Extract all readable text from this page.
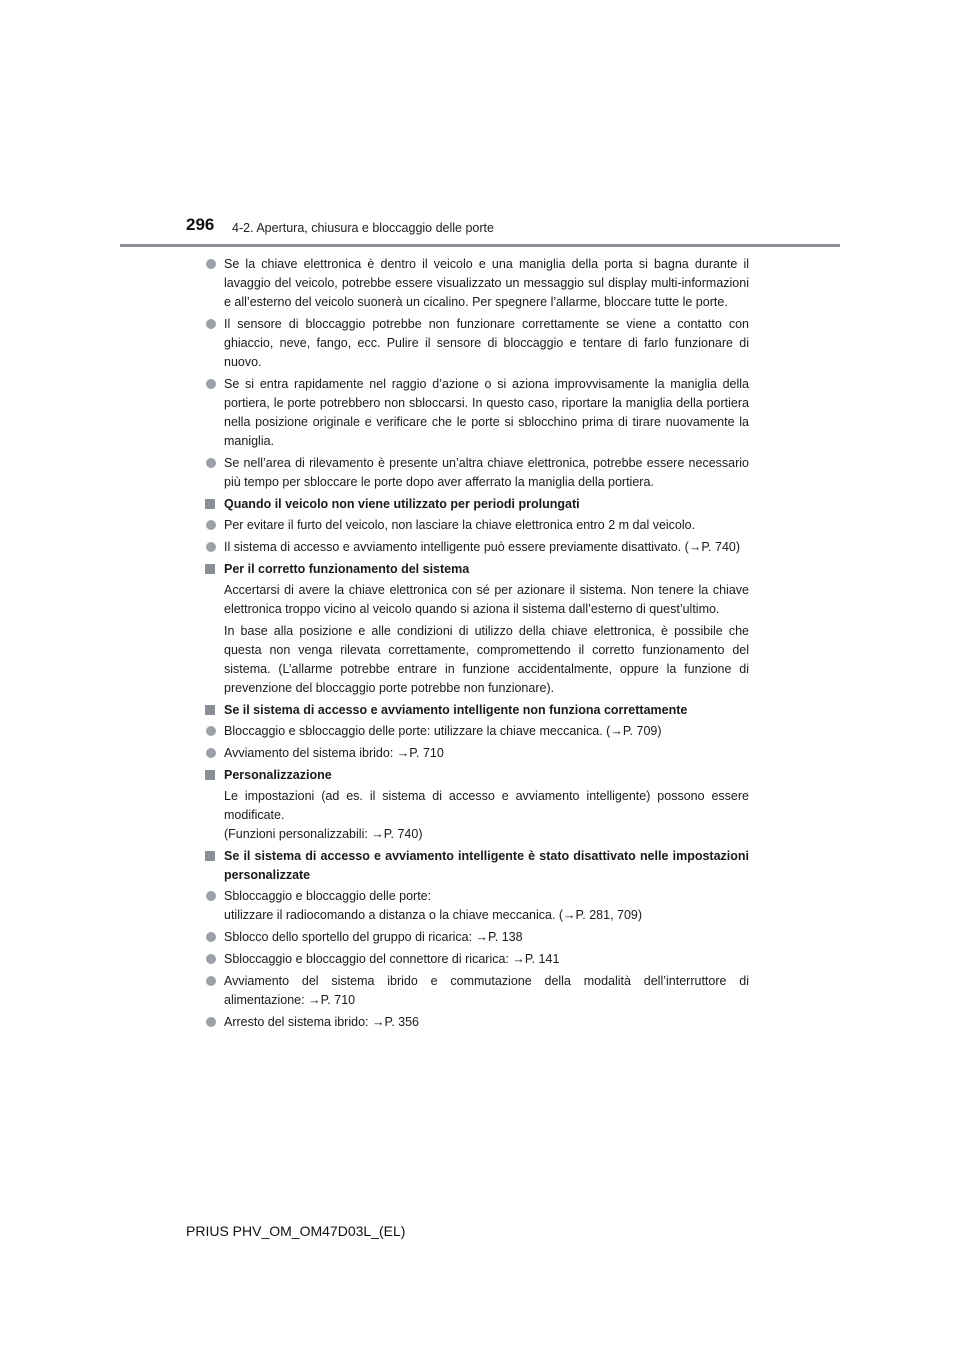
296 4-2. Apertura, chiusura e bloccaggio delle porte
Se la chiave elettronica è dentro il veicolo e una maniglia della porta si bagna durante il lavaggio del veicolo, potrebbe essere visualizzato un messaggio sul display multi-informazioni e all’esterno del veicolo suonerà un cicalino. Per spegnere l’allarme, bloccare tutte le porte.
Il sensore di bloccaggio potrebbe non funzionare correttamente se viene a contatto con ghiaccio, neve, fango, ecc. Pulire il sensore di bloccaggio e tentare di farlo funzionare di nuovo.
Se si entra rapidamente nel raggio d’azione o si aziona improvvisamente la maniglia della portiera, le porte potrebbero non sbloccarsi. In questo caso, riportare la maniglia della portiera nella posizione originale e verificare che le porte si sblocchino prima di tirare nuovamente la maniglia.
Se nell’area di rilevamento è presente un’altra chiave elettronica, potrebbe essere necessario più tempo per sbloccare le porte dopo aver afferrato la maniglia della portiera.
Quando il veicolo non viene utilizzato per periodi prolungati
Per evitare il furto del veicolo, non lasciare la chiave elettronica entro 2 m dal veicolo.
Il sistema di accesso e avviamento intelligente può essere previamente disattivato. (→P. 740)
Per il corretto funzionamento del sistema
Accertarsi di avere la chiave elettronica con sé per azionare il sistema. Non tenere la chiave elettronica troppo vicino al veicolo quando si aziona il sistema dall’esterno di quest’ultimo.
In base alla posizione e alle condizioni di utilizzo della chiave elettronica, è possibile che questa non venga rilevata correttamente, compromettendo il corretto funzionamento del sistema. (L’allarme potrebbe entrare in funzione accidentalmente, oppure la funzione di prevenzione del bloccaggio porte potrebbe non funzionare).
Se il sistema di accesso e avviamento intelligente non funziona correttamente
Bloccaggio e sbloccaggio delle porte: utilizzare la chiave meccanica. (→P. 709)
Avviamento del sistema ibrido: →P. 710
Personalizzazione
Le impostazioni (ad es. il sistema di accesso e avviamento intelligente) possono essere modificate.
(Funzioni personalizzabili: →P. 740)
Se il sistema di accesso e avviamento intelligente è stato disattivato nelle impostazioni personalizzate
Sbloccaggio e bloccaggio delle porte:
utilizzare il radiocomando a distanza o la chiave meccanica. (→P. 281, 709)
Sblocco dello sportello del gruppo di ricarica: →P. 138
Sbloccaggio e bloccaggio del connettore di ricarica: →P. 141
Avviamento del sistema ibrido e commutazione della modalità dell’interruttore di alimentazione: →P. 710
Arresto del sistema ibrido: →P. 356
PRIUS PHV_OM_OM47D03L_(EL)
